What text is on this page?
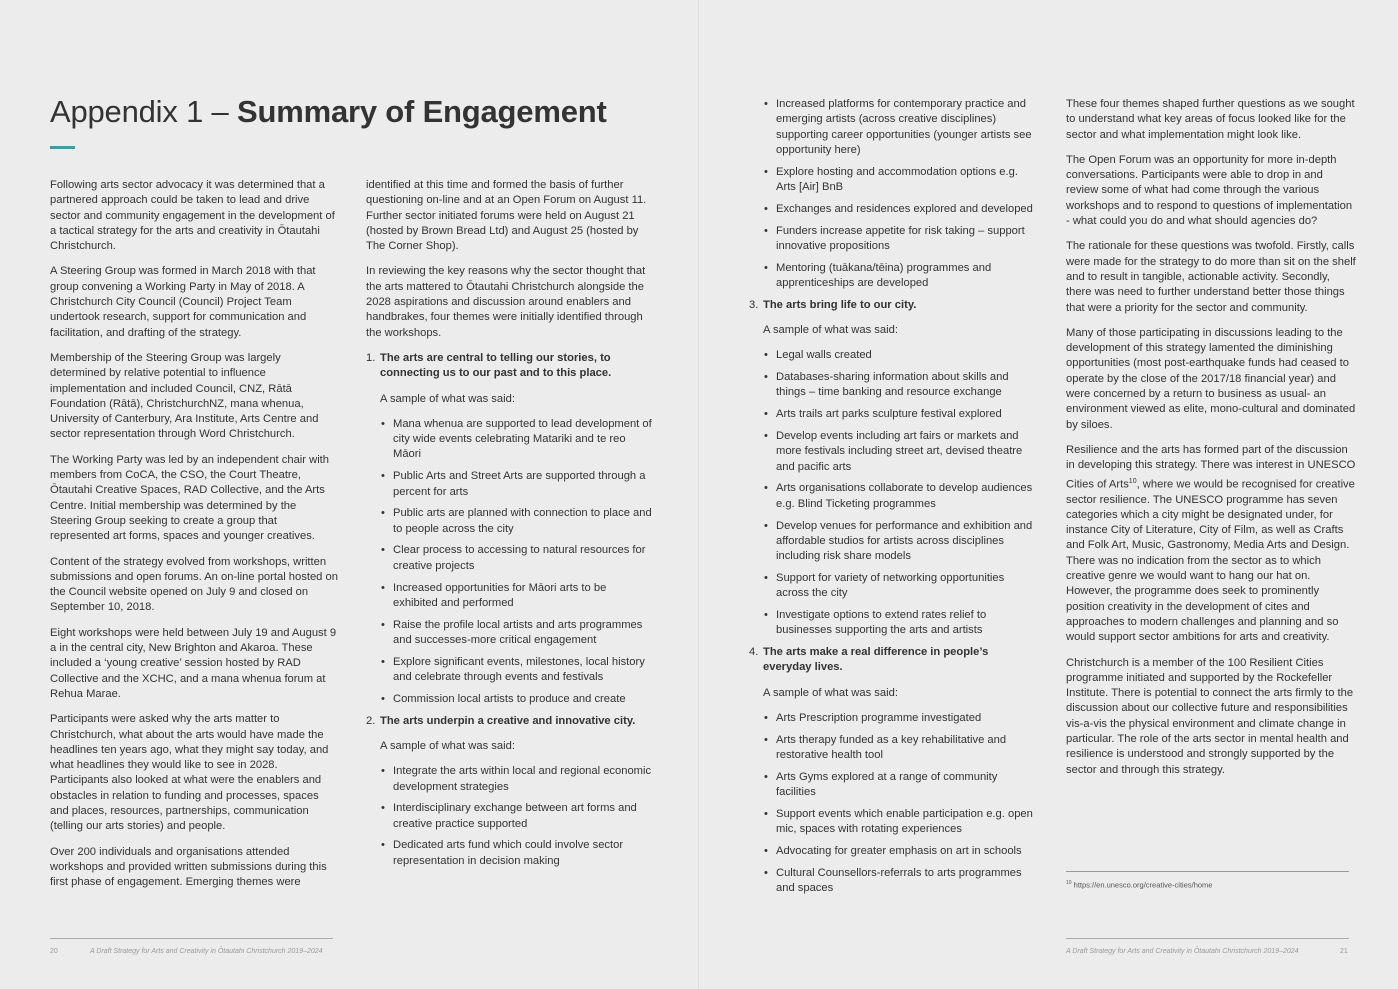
Appendix 1 – Summary of Engagement

Following arts sector advocacy it was determined that a partnered approach could be taken to lead and drive sector and community engagement in the development of a tactical strategy for the arts and creativity in Ōtautahi Christchurch.

A Steering Group was formed in March 2018 with that group convening a Working Party in May of 2018. A Christchurch City Council (Council) Project Team undertook research, support for communication and facilitation, and drafting of the strategy.

Membership of the Steering Group was largely determined by relative potential to influence implementation and included Council, CNZ, Rātā Foundation (Rātā), ChristchurchNZ, mana whenua, University of Canterbury, Ara Institute, Arts Centre and sector representation through Word Christchurch.

The Working Party was led by an independent chair with members from CoCA, the CSO, the Court Theatre, Ōtautahi Creative Spaces, RAD Collective, and the Arts Centre. Initial membership was determined by the Steering Group seeking to create a group that represented art forms, spaces and younger creatives.

Content of the strategy evolved from workshops, written submissions and open forums. An on-line portal hosted on the Council website opened on July 9 and closed on September 10, 2018.

Eight workshops were held between July 19 and August 9 a in the central city, New Brighton and Akaroa. These included a ‘young creative’ session hosted by RAD Collective and the XCHC, and a mana whenua forum at Rehua Marae.

Participants were asked why the arts matter to Christchurch, what about the arts would have made the headlines ten years ago, what they might say today, and what headlines they would like to see in 2028. Participants also looked at what were the enablers and obstacles in relation to funding and processes, spaces and places, resources, partnerships, communication (telling our arts stories) and people.

Over 200 individuals and organisations attended workshops and provided written submissions during this first phase of engagement. Emerging themes were

identified at this time and formed the basis of further questioning on-line and at an Open Forum on August 11. Further sector initiated forums were held on August 21 (hosted by Brown Bread Ltd) and August 25 (hosted by The Corner Shop).

In reviewing the key reasons why the sector thought that the arts mattered to Ōtautahi Christchurch alongside the 2028 aspirations and discussion around enablers and handbrakes, four themes were initially identified through the workshops.

1. The arts are central to telling our stories, to connecting us to our past and to this place.

A sample of what was said:

• Mana whenua are supported to lead development of city wide events celebrating Matariki and te reo Māori
• Public Arts and Street Arts are supported through a percent for arts
• Public arts are planned with connection to place and to people across the city
• Clear process to accessing to natural resources for creative projects
• Increased opportunities for Māori arts to be exhibited and performed
• Raise the profile local artists and arts programmes and successes-more critical engagement
• Explore significant events, milestones, local history and celebrate through events and festivals
• Commission local artists to produce and create
2. The arts underpin a creative and innovative city.

A sample of what was said:

• Integrate the arts within local and regional economic development strategies
• Interdisciplinary exchange between art forms and creative practice supported
• Dedicated arts fund which could involve sector representation in decision making
• Increased platforms for contemporary practice and emerging artists (across creative disciplines) supporting career opportunities (younger artists see opportunity here)
• Explore hosting and accommodation options e.g. Arts [Air] BnB
• Exchanges and residences explored and developed
• Funders increase appetite for risk taking – support innovative propositions
• Mentoring (tuākana/tēina) programmes and apprenticeships are developed
3. The arts bring life to our city.

A sample of what was said:

• Legal walls created
• Databases-sharing information about skills and things – time banking and resource exchange
• Arts trails art parks sculpture festival explored
• Develop events including art fairs or markets and more festivals including street art, devised theatre and pacific arts
• Arts organisations collaborate to develop audiences e.g. Blind Ticketing programmes
• Develop venues for performance and exhibition and affordable studios for artists across disciplines including risk share models
• Support for variety of networking opportunities across the city
• Investigate options to extend rates relief to businesses supporting the arts and artists
4. The arts make a real difference in people’s everyday lives.

A sample of what was said:

• Arts Prescription programme investigated
• Arts therapy funded as a key rehabilitative and restorative health tool
• Arts Gyms explored at a range of community facilities
• Support events which enable participation e.g. open mic, spaces with rotating experiences
• Advocating for greater emphasis on art in schools
• Cultural Counsellors-referrals to arts programmes and spaces

These four themes shaped further questions as we sought to understand what key areas of focus looked like for the sector and what implementation might look like.

The Open Forum was an opportunity for more in-depth conversations. Participants were able to drop in and review some of what had come through the various workshops and to respond to questions of implementation - what could you do and what should agencies do?

The rationale for these questions was twofold. Firstly, calls were made for the strategy to do more than sit on the shelf and to result in tangible, actionable activity. Secondly, there was need to further understand better those things that were a priority for the sector and community.

Many of those participating in discussions leading to the development of this strategy lamented the diminishing opportunities (most post-earthquake funds had ceased to operate by the close of the 2017/18 financial year) and were concerned by a return to business as usual- an environment viewed as elite, mono-cultural and dominated by siloes.

Resilience and the arts has formed part of the discussion in developing this strategy. There was interest in UNESCO Cities of Arts$^{10}$, where we would be recognised for creative sector resilience. The UNESCO programme has seven categories which a city might be designated under, for instance City of Literature, City of Film, as well as Crafts and Folk Art, Music, Gastronomy, Media Arts and Design. There was no indication from the sector as to which creative genre we would want to hang our hat on. However, the programme does seek to prominently position creativity in the development of cites and approaches to modern challenges and planning and so would support sector ambitions for arts and creativity.

Christchurch is a member of the 100 Resilient Cities programme initiated and supported by the Rockefeller Institute. There is potential to connect the arts firmly to the discussion about our collective future and responsibilities vis-a-vis the physical environment and climate change in particular. The role of the arts sector in mental health and resilience is understood and strongly supported by the sector and through this strategy.

$^{10}$ https://en.unesco.org/creative-cities/home
20	A Draft Strategy for Arts and Creativity in Ōtautahi Christchurch 2019–2024	A Draft Strategy for Arts and Creativity in Ōtautahi Christchurch 2019–2024	21
